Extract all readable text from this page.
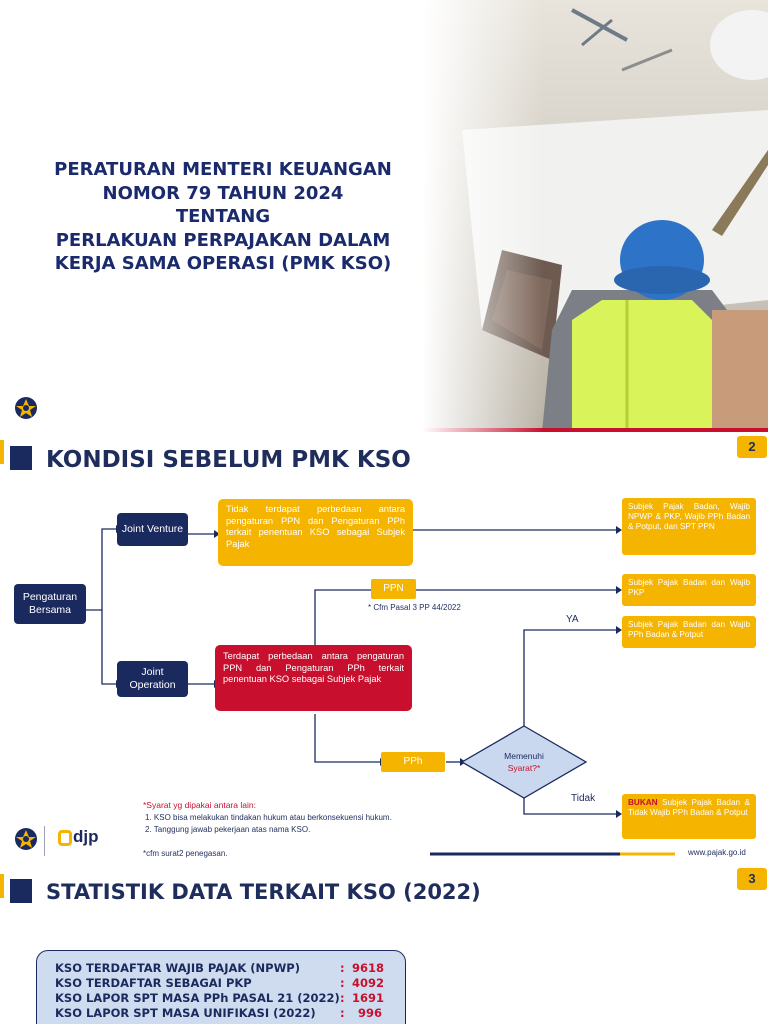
PERATURAN MENTERI KEUANGAN
NOMOR 79 TAHUN 2024
TENTANG
PERLAKUAN PERPAJAKAN DALAM
KERJA SAMA OPERASI (PMK KSO)
KONDISI SEBELUM PMK KSO
2
Pengaturan Bersama
Joint Venture
Joint Operation
Tidak terdapat perbedaan antara pengaturan PPN dan Pengaturan PPh terkait penentuan KSO sebagai Subjek Pajak
Terdapat perbedaan antara pengaturan PPN dan Pengaturan PPh terkait penentuan KSO sebagai Subjek Pajak
PPN
* Cfm Pasal 3 PP 44/2022
PPh	Memenuhi
Syarat?*
YA
Tidak
Subjek Pajak Badan, Wajib NPWP & PKP, Wajib PPh Badan & Potput, dan SPT PPN
Subjek Pajak Badan dan Wajib PKP
Subjek Pajak Badan dan Wajib PPh Badan & Potput
BUKAN Subjek Pajak Badan & Tidak Wajib PPh Badan & Potput
*Syarat yg dipakai antara lain:
1. KSO bisa melakukan tindakan hukum atau berkonsekuensi hukum.
2. Tanggung jawab pekerjaan atas nama KSO.
*cfm surat2 penegasan.
djp
www.pajak.go.id
STATISTIK DATA TERKAIT KSO (2022)
3
KSO TERDAFTAR WAJIB PAJAK (NPWP)	: 9618
KSO TERDAFTAR SEBAGAI PKP	: 4092
KSO LAPOR SPT MASA PPh PASAL 21 (2022) : 1691
KSO LAPOR SPT MASA UNIFIKASI (2022)	:	996
